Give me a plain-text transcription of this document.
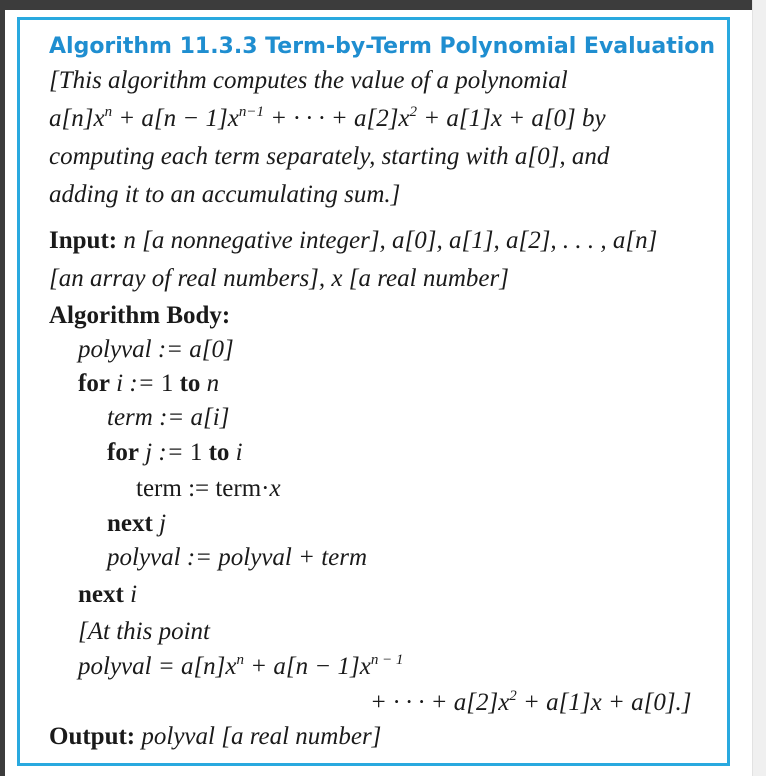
Algorithm 11.3.3 Term-by-Term Polynomial Evaluation
[This algorithm computes the value of a polynomial
$a[n]x^n + a[n - 1]x^{n-1}$ + · · · + $a[2]x^2 + a[1]x + a[0]$ by
computing each term separately, starting with a[0], and
adding it to an accumulating sum.]
Input: n [a nonnegative integer], a[0], a[1], a[2], . . . , a[n]
[an array of real numbers], x [a real number]
Algorithm Body:
polyval := a[0]
for i := 1 to n
term := a[i]
for j := 1 to i
term := term·x
next j
polyval := polyval + term
next i
[At this point
polyval = $a[n]x^n + a[n - 1]x^{n - 1}$
+ · · · + $a[2]x^2 + a[1]x + a[0]$.]
Output: polyval [a real number]
